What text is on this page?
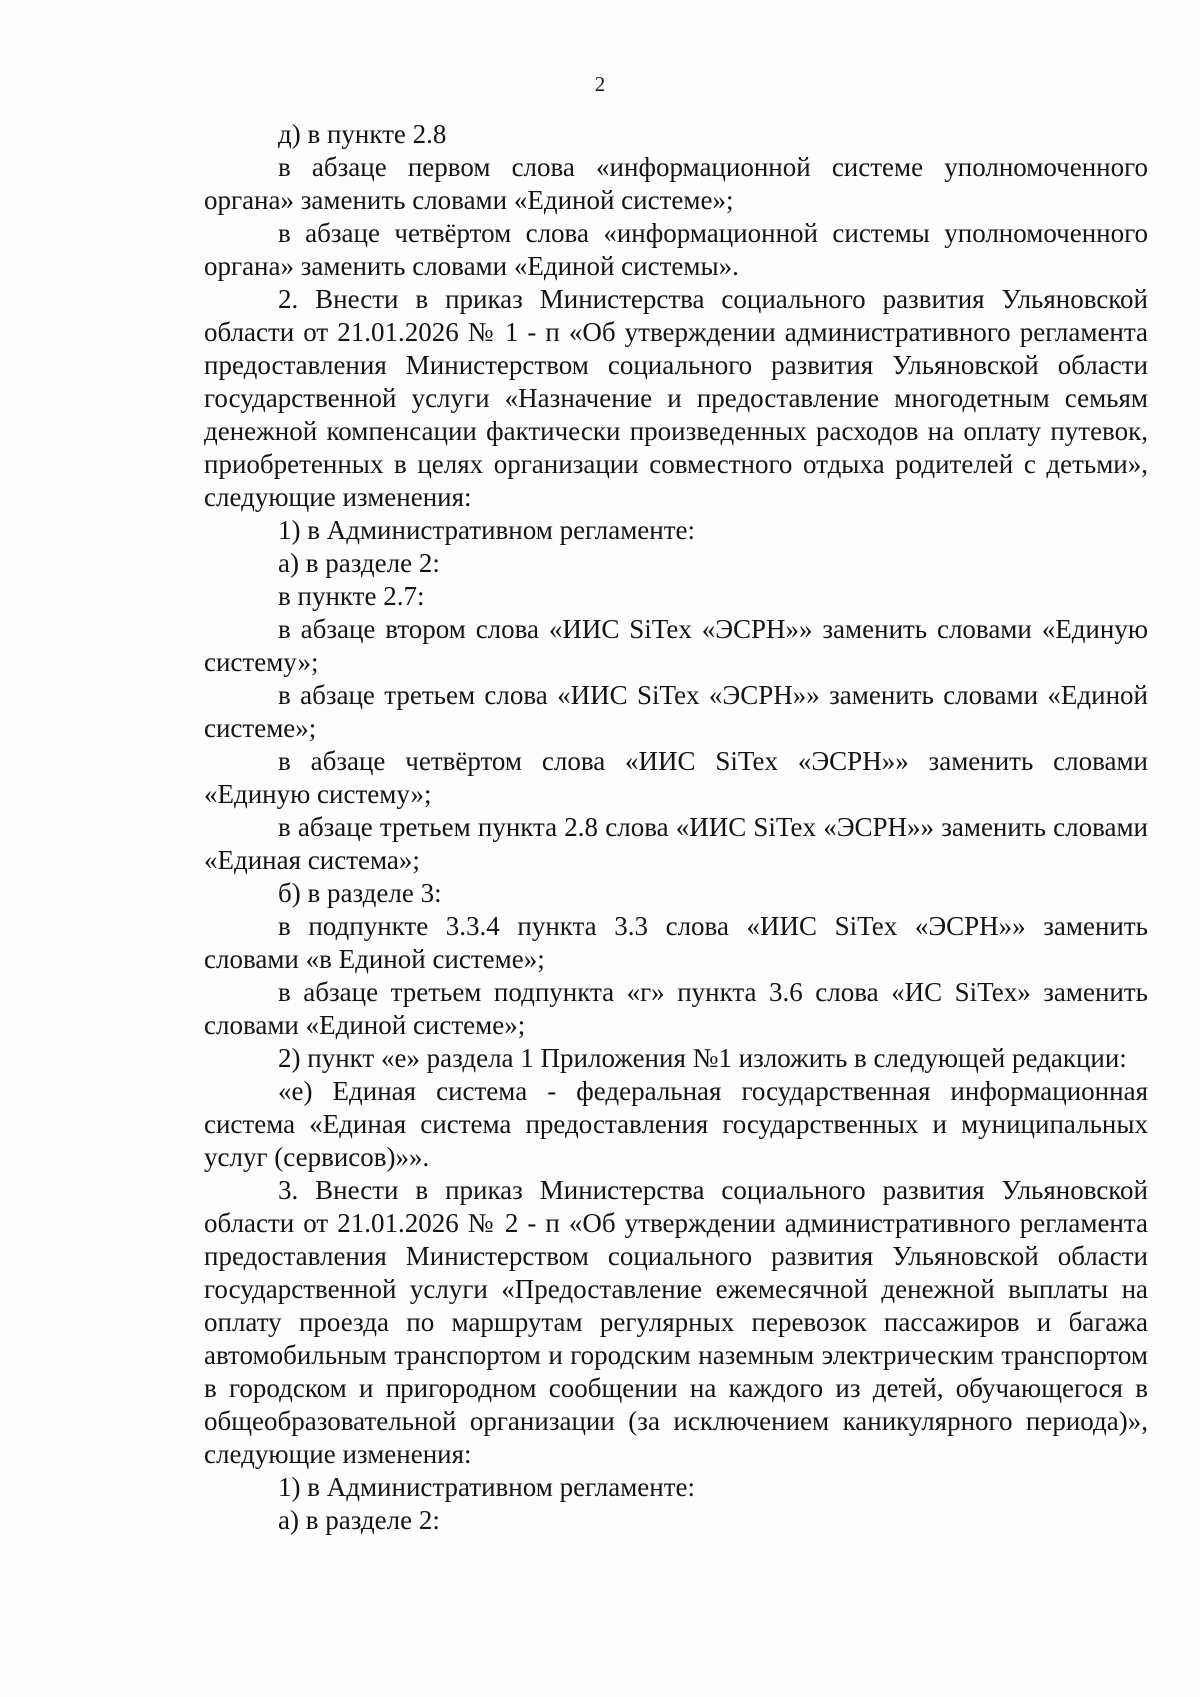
2

д) в пункте 2.8

в абзаце первом слова «информационной системе уполномоченного органа» заменить словами «Единой системе»;

в абзаце четвёртом слова «информационной системы уполномоченного органа» заменить словами «Единой системы».

2. Внести в приказ Министерства социального развития Ульяновской области от 21.01.2026 № 1 - п «Об утверждении административного регламента предоставления Министерством социального развития Ульяновской области государственной услуги «Назначение и предоставление многодетным семьям денежной компенсации фактически произведенных расходов на оплату путевок, приобретенных в целях организации совместного отдыха родителей с детьми», следующие изменения:

1) в Административном регламенте:

а) в разделе 2:

в пункте 2.7:

в абзаце втором слова «ИИС SiTex «ЭСРН»» заменить словами «Единую систему»;

в абзаце третьем слова «ИИС SiTex «ЭСРН»» заменить словами «Единой системе»;

в абзаце четвёртом слова «ИИС SiTex «ЭСРН»» заменить словами «Единую систему»;

в абзаце третьем пункта 2.8 слова «ИИС SiTex «ЭСРН»» заменить словами «Единая система»;

б) в разделе 3:

в подпункте 3.3.4 пункта 3.3 слова «ИИС SiTex «ЭСРН»» заменить словами «в Единой системе»;

в абзаце третьем подпункта «г» пункта 3.6 слова «ИС SiTex» заменить словами «Единой системе»;

2) пункт «е» раздела 1 Приложения №1 изложить в следующей редакции:

«е) Единая система - федеральная государственная информационная система «Единая система предоставления государственных и муниципальных услуг (сервисов)»».

3. Внести в приказ Министерства социального развития Ульяновской области от 21.01.2026 № 2 - п «Об утверждении административного регламента предоставления Министерством социального развития Ульяновской области государственной услуги «Предоставление ежемесячной денежной выплаты на оплату проезда по маршрутам регулярных перевозок пассажиров и багажа автомобильным транспортом и городским наземным электрическим транспортом в городском и пригородном сообщении на каждого из детей, обучающегося в общеобразовательной организации (за исключением каникулярного периода)», следующие изменения:

1) в Административном регламенте:

а) в разделе 2:
